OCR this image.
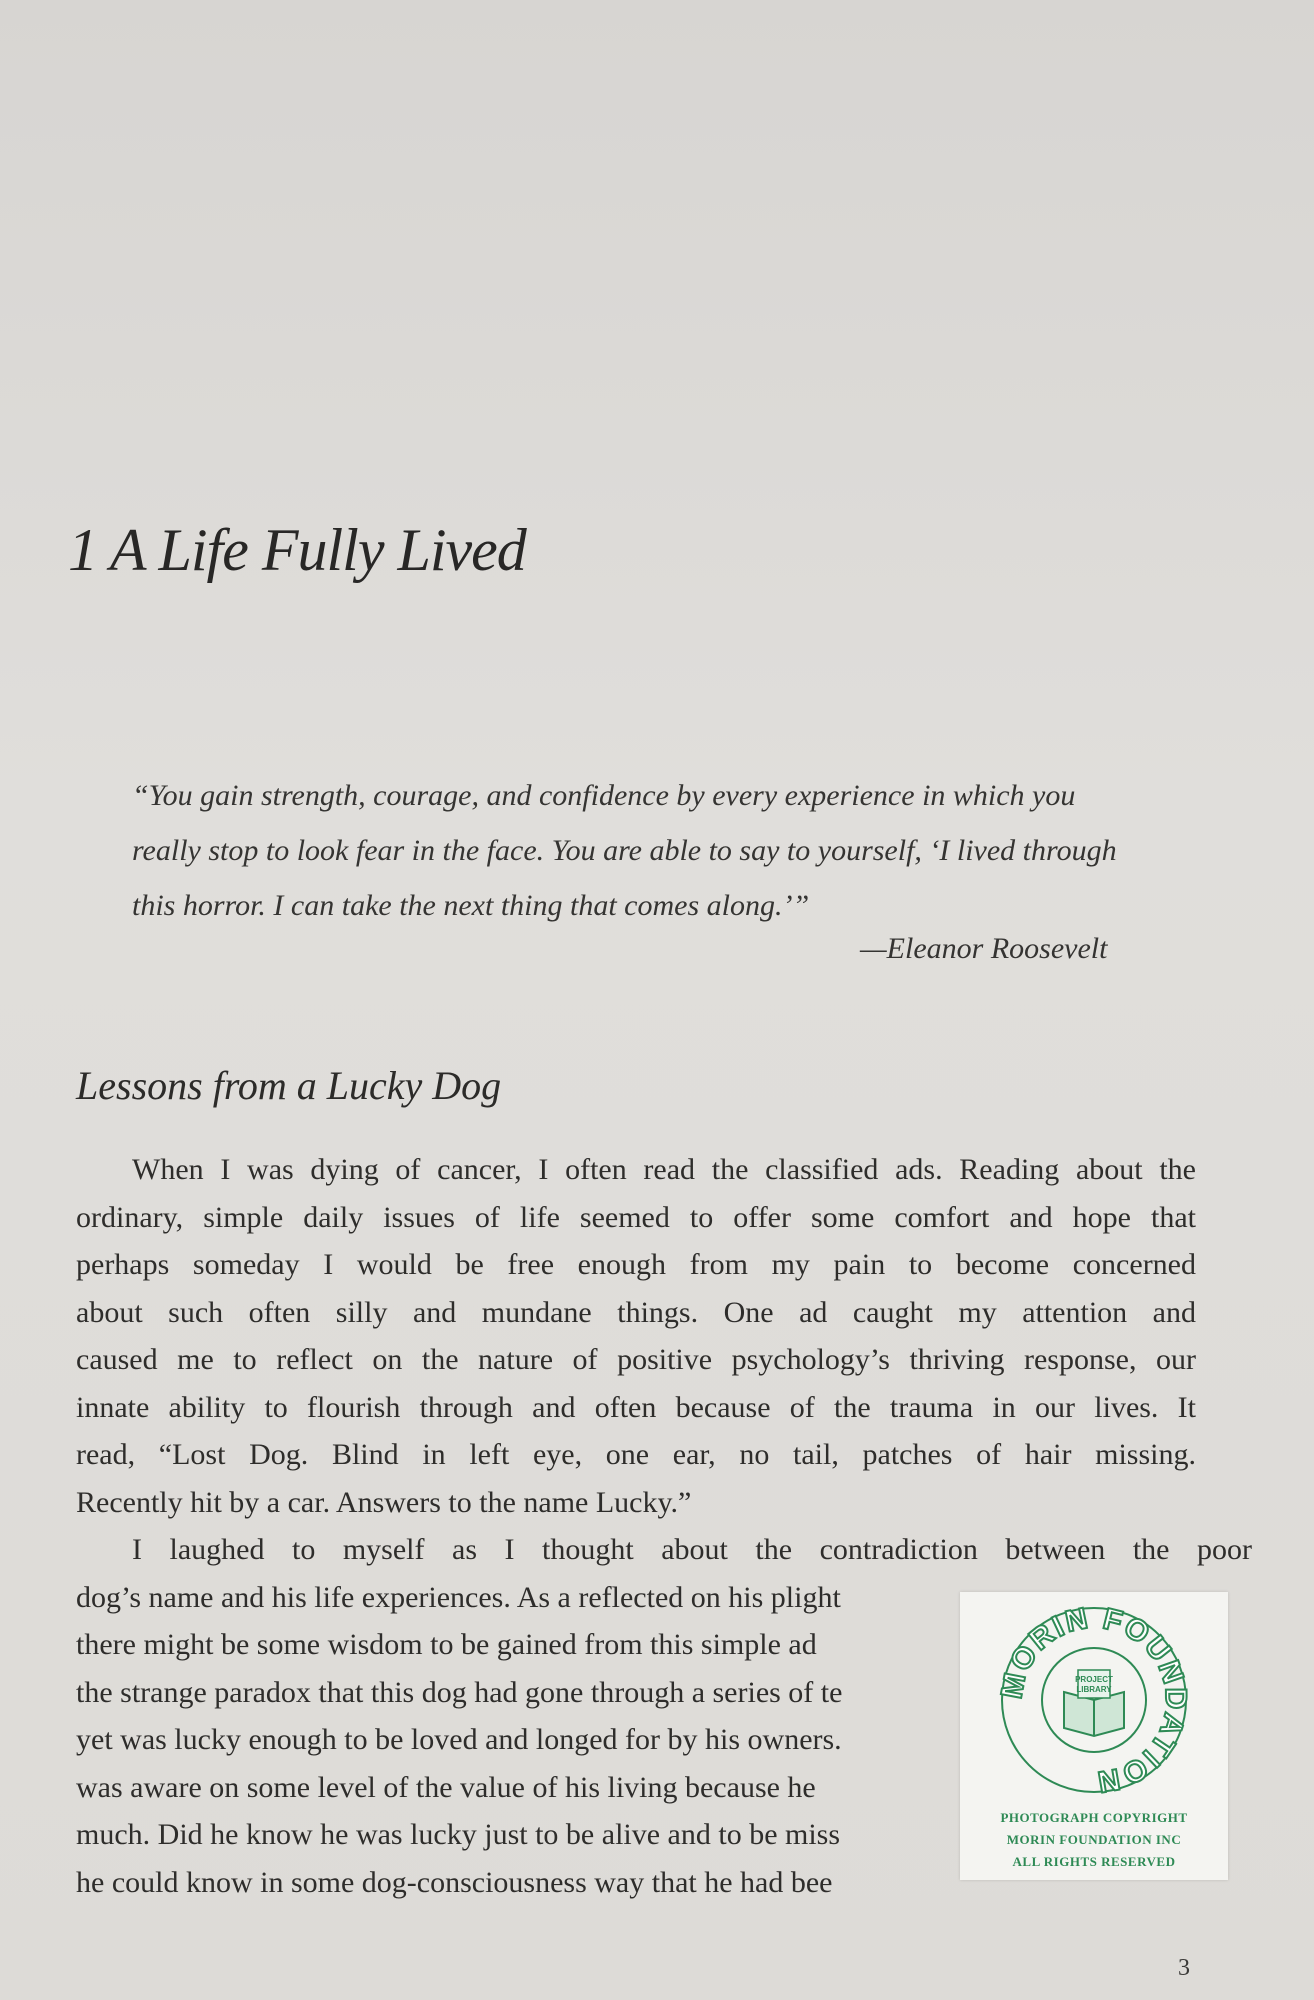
1 A Life Fully Lived

“You gain strength, courage, and confidence by every experience in which you
really stop to look fear in the face. You are able to say to yourself, ‘I lived through
this horror. I can take the next thing that comes along.’”

—Eleanor Roosevelt
Lessons from a Lucky Dog

When I was dying of cancer, I often read the classified ads. Reading about the
ordinary, simple daily issues of life seemed to offer some comfort and hope that
perhaps someday I would be free enough from my pain to become concerned
about such often silly and mundane things. One ad caught my attention and
caused me to reflect on the nature of positive psychology’s thriving response, our
innate ability to flourish through and often because of the trauma in our lives. It
read, “Lost Dog. Blind in left eye, one ear, no tail, patches of hair missing.
Recently hit by a car. Answers to the name Lucky.”

I laughed to myself as I thought about the contradiction between the poor
dog’s name and his life experiences. As a reflected on his plight
there might be some wisdom to be gained from this simple ad
the strange paradox that this dog had gone through a series of te
yet was lucky enough to be loved and longed for by his owners.
was aware on some level of the value of his living because he
much. Did he know he was lucky just to be alive and to be miss
he could know in some dog-consciousness way that he had bee

MORIN FOUNDATION
PROJECT
LIBRARY
PHOTOGRAPH COPYRIGHT
MORIN FOUNDATION INC
ALL RIGHTS RESERVED
3
